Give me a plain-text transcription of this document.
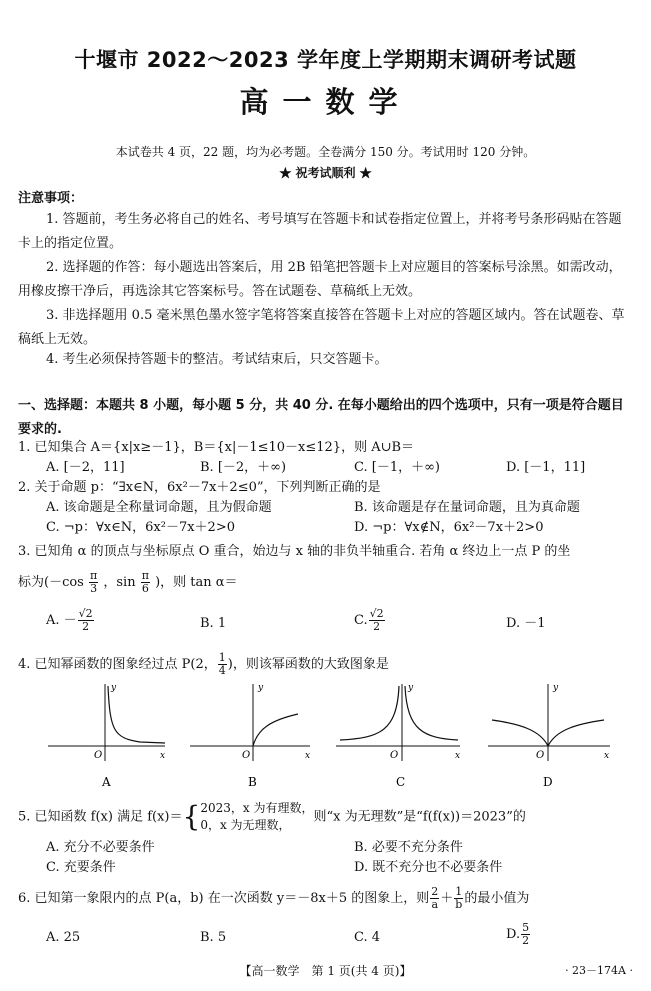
十堰市 2022～2023 学年度上学期期末调研考试题
高一数学
本试卷共 4 页，22 题，均为必考题。全卷满分 150 分。考试用时 120 分钟。
★ 祝考试顺利 ★
注意事项：
1. 答题前，考生务必将自己的姓名、考号填写在答题卡和试卷指定位置上，并将考号条形码贴在答题卡上的指定位置。
2. 选择题的作答：每小题选出答案后，用 2B 铅笔把答题卡上对应题目的答案标号涂黑。如需改动，用橡皮擦干净后，再选涂其它答案标号。答在试题卷、草稿纸上无效。
3. 非选择题用 0.5 毫米黑色墨水签字笔将答案直接答在答题卡上对应的答题区域内。答在试题卷、草稿纸上无效。
4. 考生必须保持答题卡的整洁。考试结束后，只交答题卡。
一、选择题：本题共 8 小题，每小题 5 分，共 40 分. 在每小题给出的四个选项中，只有一项是符合题目要求的.
1. 已知集合 A＝{x|x≥－1}，B＝{x|－1≤10－x≤12}，则 A∪B＝
A. [－2，11]	B. [－2，＋∞)	C. [－1，＋∞)	D. [－1，11]
2. 关于命题 p：“∃x∈N，6x²－7x＋2≤0”，下列判断正确的是
A. 该命题是全称量词命题，且为假命题	B. 该命题是存在量词命题，且为真命题
C. ¬p：∀x∈N，6x²－7x＋2>0	D. ¬p：∀x∉N，6x²－7x＋2>0
3. 已知角 α 的顶点与坐标原点 O 重合，始边与 x 轴的非负半轴重合. 若角 α 终边上一点 P 的坐
标为($-\cos \frac{\pi}{3}$ ，$\sin \frac{\pi}{6}$ )，则 tan α＝
A. － $\frac{√2}{2}$	B. 1	C. $\frac{√2}{2}$	D. －1
4. 已知幂函数的图象经过点 P(2， $\frac{1}{4}$ )，则该幂函数的大致图象是
y
O	x
A
y
O	x
B
y
O	x
C
y
O	x
D
5. 已知函数 f(x) 满足 f(x)＝{2023，x 为有理数，
0，x 为无理数，则“x 为无理数”是“f(f(x))＝2023”的
A. 充分不必要条件	B. 必要不充分条件
C. 充要条件	D. 既不充分也不必要条件
6. 已知第一象限内的点 P(a，b) 在一次函数 y＝－8x＋5 的图象上，则 $\frac{2}{a} + \frac{1}{b}$ 的最小值为
A. 25	B. 5	C. 4	D. $\frac{5}{2}$
【高一数学　第 1 页(共 4 页)】	· 23－174A ·
